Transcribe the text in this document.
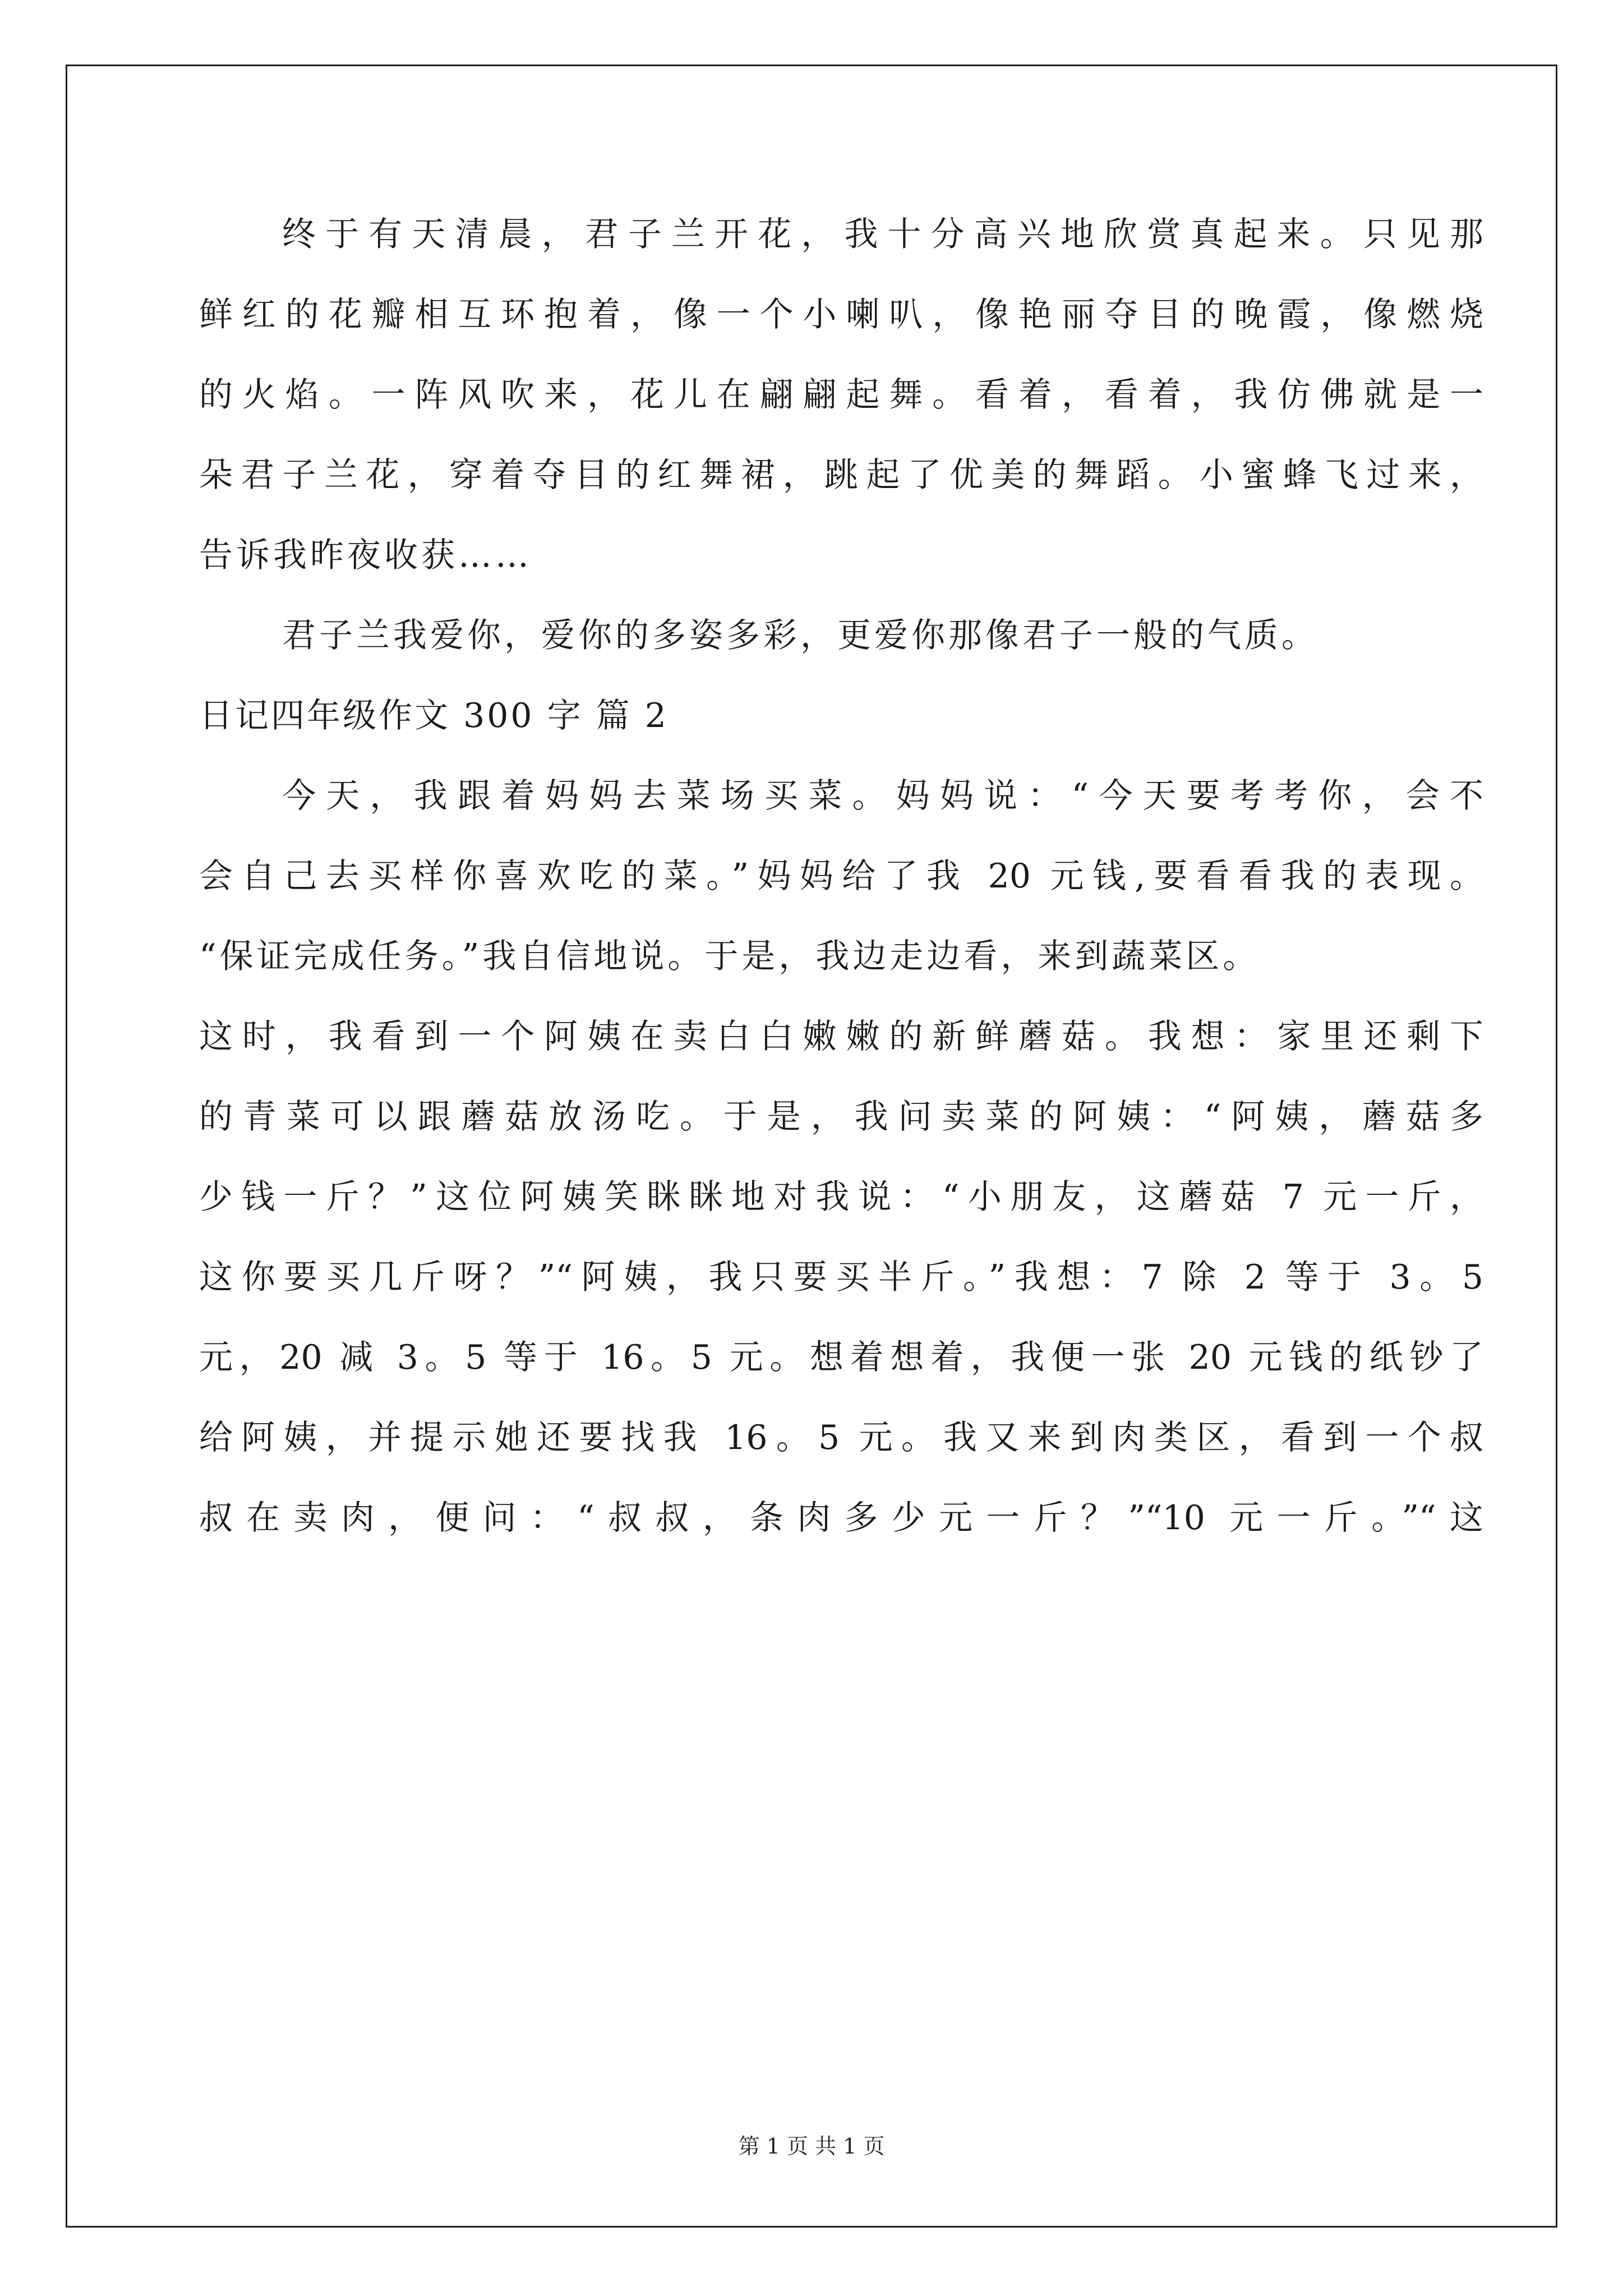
终于有天清晨，君子兰开花，我十分高兴地欣赏真起来。只见那
鲜红的花瓣相互环抱着，像一个小喇叭，像艳丽夺目的晚霞，像燃烧
的火焰。一阵风吹来，花儿在翩翩起舞。看着，看着，我仿佛就是一
朵君子兰花，穿着夺目的红舞裙，跳起了优美的舞蹈。小蜜蜂飞过来，
告诉我昨夜收获……
君子兰我爱你，爱你的多姿多彩，更爱你那像君子一般的气质。
日记四年级作文 300 字 篇 2
今天，我跟着妈妈去菜场买菜。妈妈说：“今天要考考你，会不
会自己去买样你喜欢吃的菜。”妈妈给了我 20 元钱,要看看我的表现。
“保证完成任务。”我自信地说。于是，我边走边看，来到蔬菜区。
这时，我看到一个阿姨在卖白白嫩嫩的新鲜蘑菇。我想：家里还剩下
的青菜可以跟蘑菇放汤吃。于是，我问卖菜的阿姨：“阿姨，蘑菇多
少钱一斤？”这位阿姨笑眯眯地对我说：“小朋友，这蘑菇 7 元一斤，
这你要买几斤呀？”“阿姨，我只要买半斤。”我想：7 除 2 等于 3。5
元，20 减 3。5 等于 16。5 元。想着想着，我便一张 20 元钱的纸钞了
给阿姨，并提示她还要找我 16。5 元。我又来到肉类区，看到一个叔
叔在卖肉，便问：“叔叔，条肉多少元一斤？”“10 元一斤。”“这
第 1 页 共 1 页
